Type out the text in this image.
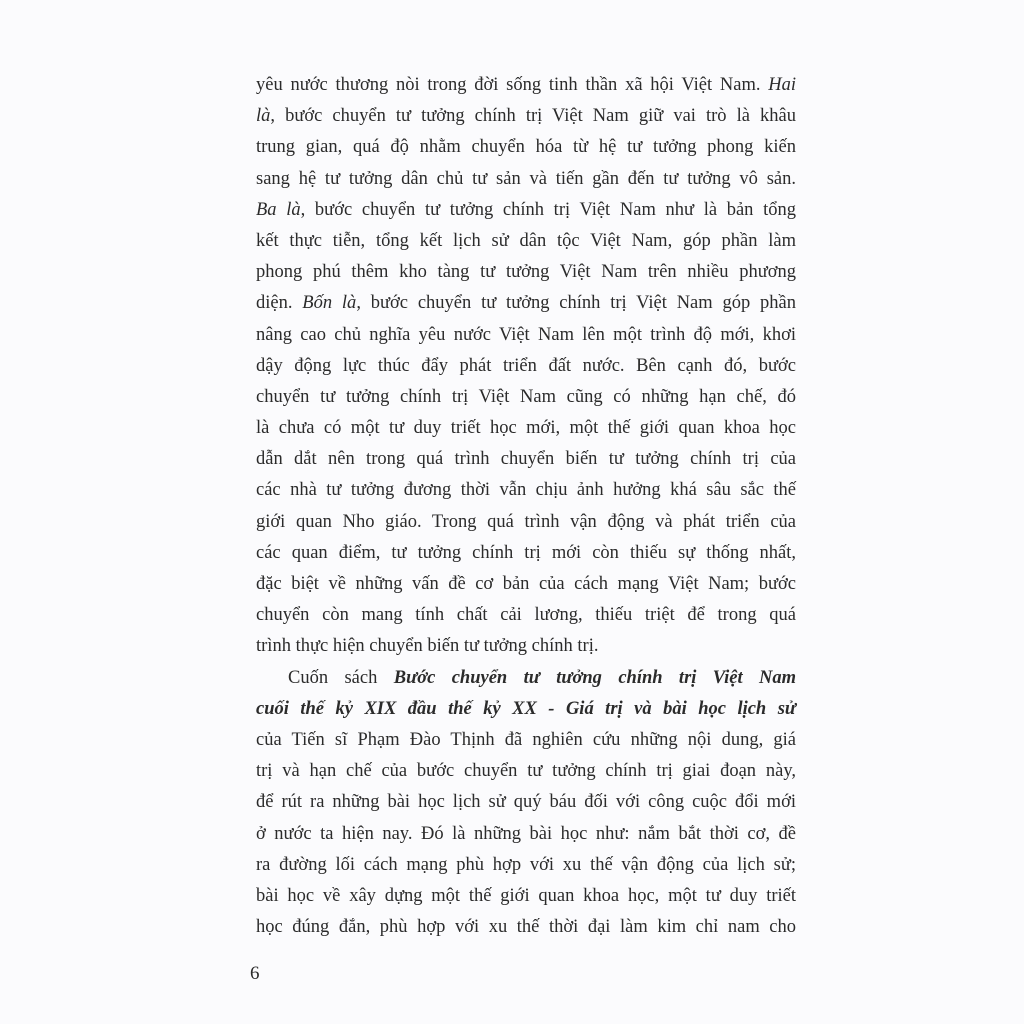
yêu nước thương nòi trong đời sống tinh thần xã hội Việt Nam. Hai
là, bước chuyển tư tưởng chính trị Việt Nam giữ vai trò là khâu
trung gian, quá độ nhằm chuyển hóa từ hệ tư tưởng phong kiến
sang hệ tư tưởng dân chủ tư sản và tiến gần đến tư tưởng vô sản.
Ba là, bước chuyển tư tưởng chính trị Việt Nam như là bản tổng
kết thực tiễn, tổng kết lịch sử dân tộc Việt Nam, góp phần làm
phong phú thêm kho tàng tư tưởng Việt Nam trên nhiều phương
diện. Bốn là, bước chuyển tư tưởng chính trị Việt Nam góp phần
nâng cao chủ nghĩa yêu nước Việt Nam lên một trình độ mới, khơi
dậy động lực thúc đẩy phát triển đất nước. Bên cạnh đó, bước
chuyển tư tưởng chính trị Việt Nam cũng có những hạn chế, đó
là chưa có một tư duy triết học mới, một thế giới quan khoa học
dẫn dắt nên trong quá trình chuyển biến tư tưởng chính trị của
các nhà tư tưởng đương thời vẫn chịu ảnh hưởng khá sâu sắc thế
giới quan Nho giáo. Trong quá trình vận động và phát triển của
các quan điểm, tư tưởng chính trị mới còn thiếu sự thống nhất,
đặc biệt về những vấn đề cơ bản của cách mạng Việt Nam; bước
chuyển còn mang tính chất cải lương, thiếu triệt để trong quá
trình thực hiện chuyển biến tư tưởng chính trị.
Cuốn sách Bước chuyển tư tưởng chính trị Việt Nam
cuối thế kỷ XIX đầu thế kỷ XX - Giá trị và bài học lịch sử
của Tiến sĩ Phạm Đào Thịnh đã nghiên cứu những nội dung, giá
trị và hạn chế của bước chuyển tư tưởng chính trị giai đoạn này,
để rút ra những bài học lịch sử quý báu đối với công cuộc đổi mới
ở nước ta hiện nay. Đó là những bài học như: nắm bắt thời cơ, đề
ra đường lối cách mạng phù hợp với xu thế vận động của lịch sử;
bài học về xây dựng một thế giới quan khoa học, một tư duy triết
học đúng đắn, phù hợp với xu thế thời đại làm kim chỉ nam cho
6
